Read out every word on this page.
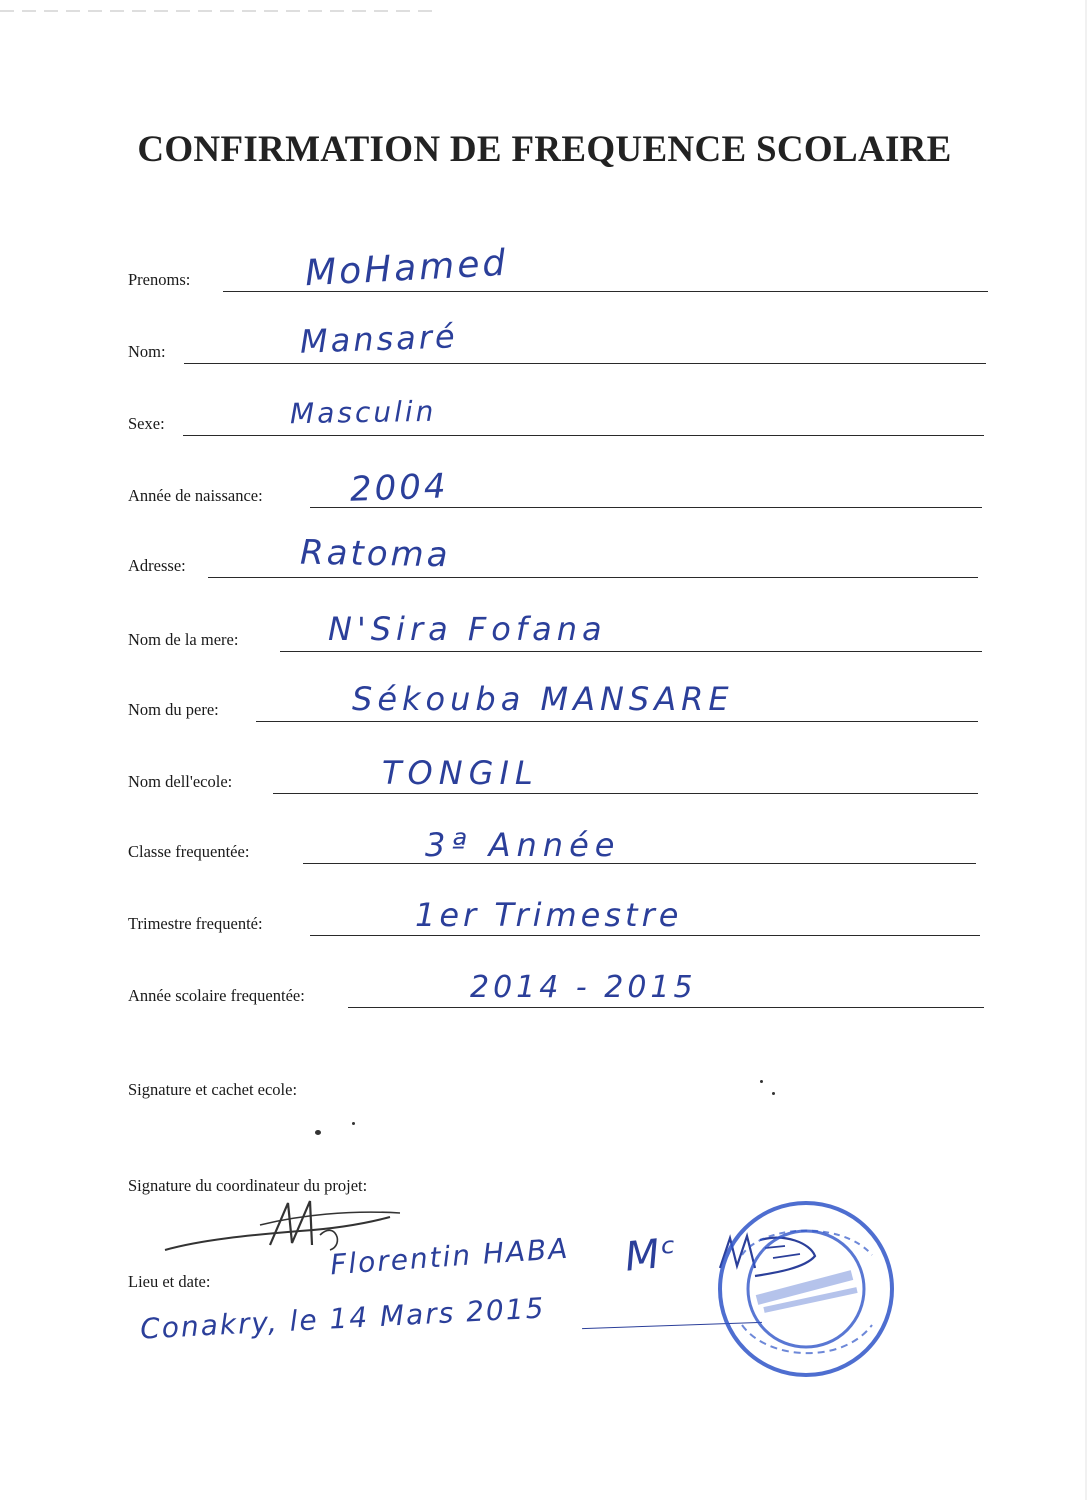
CONFIRMATION DE FREQUENCE SCOLAIRE
Prenoms:	MoHamed
Nom:	Mansaré
Sexe:	Masculin
Année de naissance:	2004
Adresse:	Ratoma
Nom de la mere:	N'Sira Fofana
Nom du pere:	Sékouba MANSARE
Nom dell'ecole:	TONGIL
Classe frequentée:	3ª Année
Trimestre frequenté:	1er Trimestre
Année scolaire frequentée:	2014 - 2015
Signature et cachet ecole:
Signature du coordinateur du projet:
Florentin HABA
Lieu et date:
Conakry, le 14 Mars 2015
Mᶜ
